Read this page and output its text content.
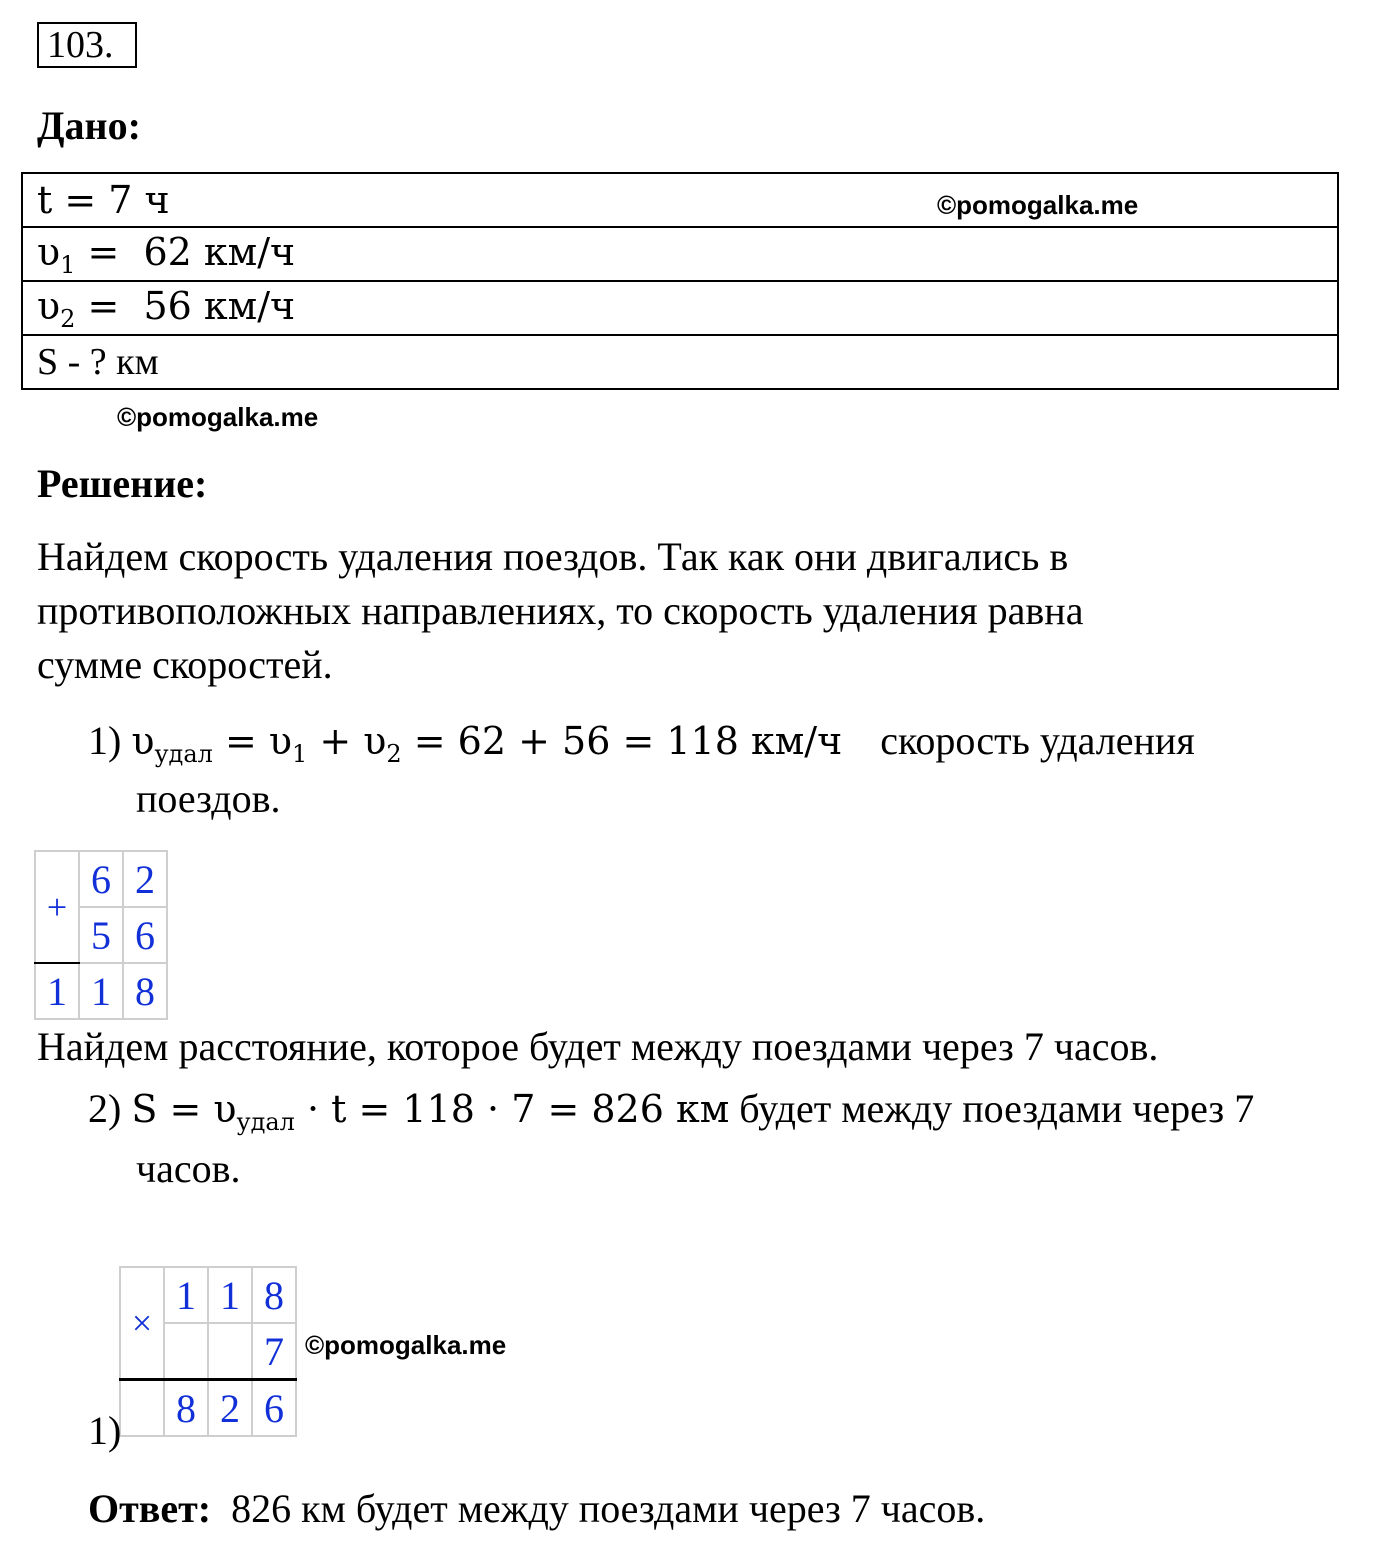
103.
Дано:
t = 7 ч	©pomogalka.me

$\upsilon_1 = 62$ км/ч
$\upsilon_2 = 56$ км/ч
S - ? км
©pomogalka.me
Решение:
Найдем скорость удаления поездов. Так как они двигались в
противоположных направлениях, то скорость удаления равна
сумме скоростей.
1) $\upsilon_{удал} = \upsilon_1 + \upsilon_2 = 62 + 56 = 118$ км/ч скорость удаления
поездов.
+	6	2
	5	6
1	1	8
Найдем расстояние, которое будет между поездами через 7 часов.
2) $S = \upsilon_{удал} \cdot t = 118 \cdot 7 = 826$ км будет между поездами через 7
часов.
×	1	1	8
			7
	8	2	6
©pomogalka.me
1)
Ответ: 826 км будет между поездами через 7 часов.
